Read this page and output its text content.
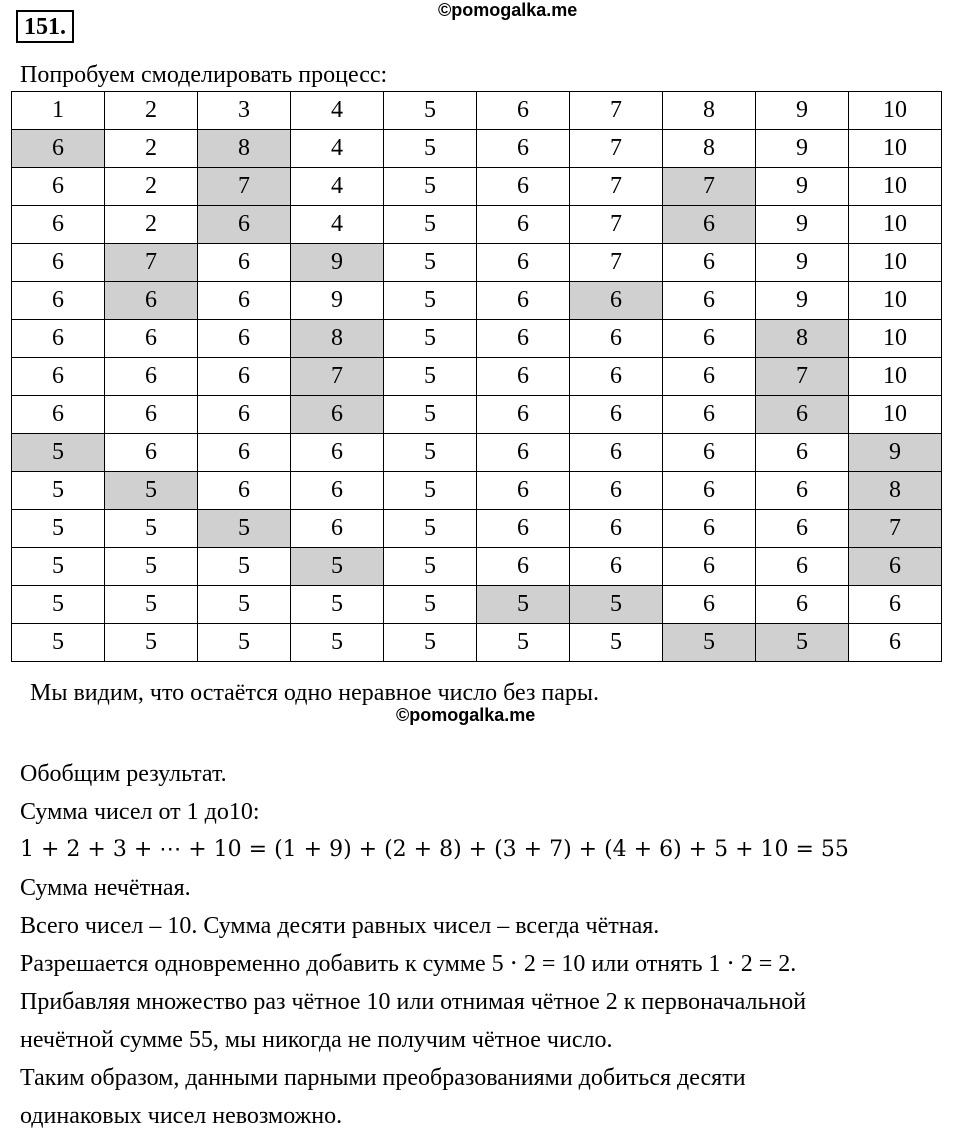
151.
©pomogalka.me
Попробуем смоделировать процесс:
1	2	3	4	5	6	7	8	9	10
6	2	8	4	5	6	7	8	9	10
6	2	7	4	5	6	7	7	9	10
6	2	6	4	5	6	7	6	9	10
6	7	6	9	5	6	7	6	9	10
6	6	6	9	5	6	6	6	9	10
6	6	6	8	5	6	6	6	8	10
6	6	6	7	5	6	6	6	7	10
6	6	6	6	5	6	6	6	6	10
5	6	6	6	5	6	6	6	6	9
5	5	6	6	5	6	6	6	6	8
5	5	5	6	5	6	6	6	6	7
5	5	5	5	5	6	6	6	6	6
5	5	5	5	5	5	5	6	6	6
5	5	5	5	5	5	5	5	5	6
Мы видим, что остаётся одно неравное число без пары.
©pomogalka.me
Обобщим результат.
Сумма чисел от 1 до10:
1 + 2 + 3 + ⋯ + 10 = (1 + 9) + (2 + 8) + (3 + 7) + (4 + 6) + 5 + 10 = 55
Сумма нечётная.
Всего чисел – 10. Сумма десяти равных чисел – всегда чётная.
Разрешается одновременно добавить к сумме 5 ⋅ 2 = 10 или отнять 1 ⋅ 2 = 2.
Прибавляя множество раз чётное 10 или отнимая чётное 2 к первоначальной
нечётной сумме 55, мы никогда не получим чётное число.
Таким образом, данными парными преобразованиями добиться десяти
одинаковых чисел невозможно.
